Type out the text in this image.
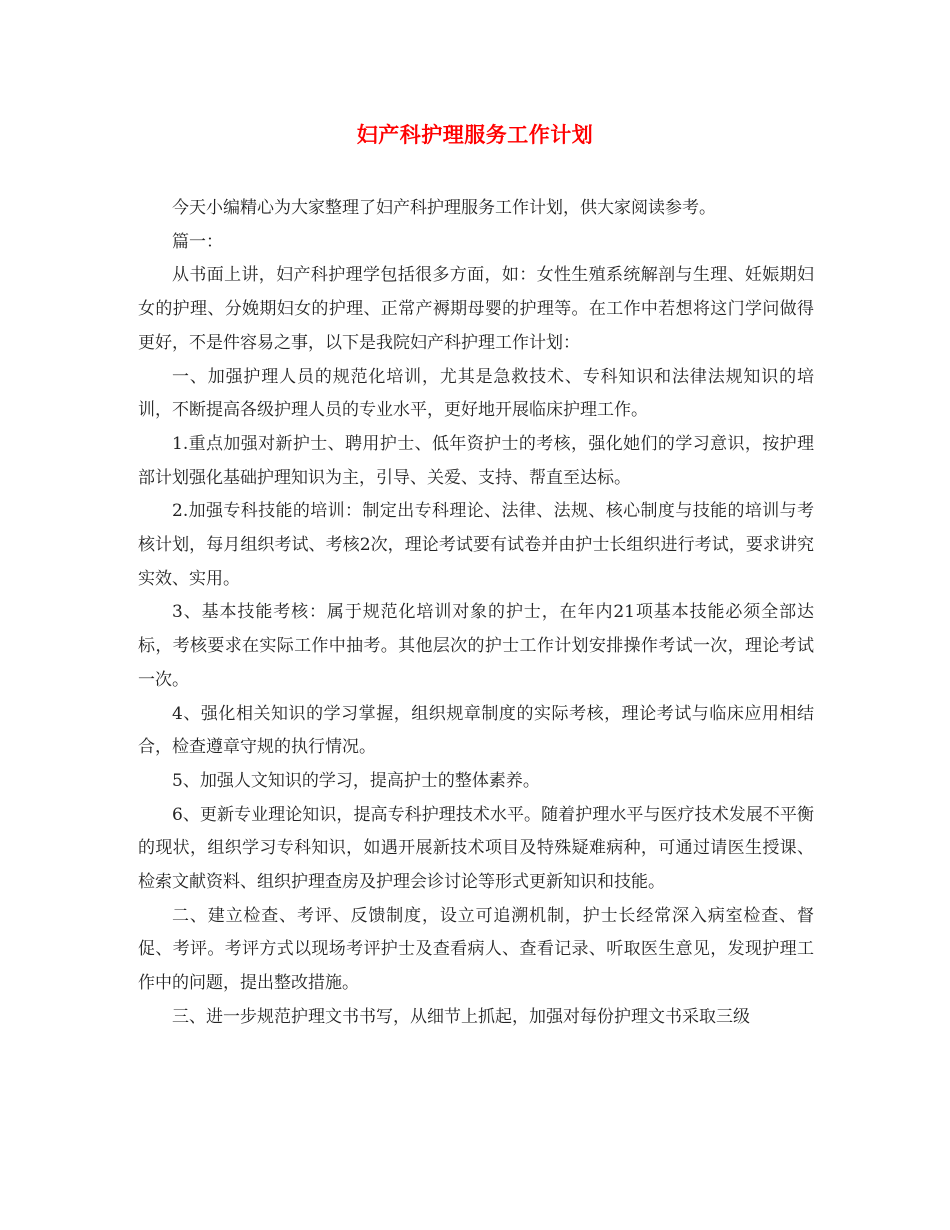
妇产科护理服务工作计划

今天小编精心为大家整理了妇产科护理服务工作计划，供大家阅读参考。

篇一：

从书面上讲，妇产科护理学包括很多方面，如：女性生殖系统解剖与生理、妊娠期妇女的护理、分娩期妇女的护理、正常产褥期母婴的护理等。在工作中若想将这门学问做得更好，不是件容易之事，以下是我院妇产科护理工作计划：

一、加强护理人员的规范化培训，尤其是急救技术、专科知识和法律法规知识的培训，不断提高各级护理人员的专业水平，更好地开展临床护理工作。

1.重点加强对新护士、聘用护士、低年资护士的考核，强化她们的学习意识，按护理部计划强化基础护理知识为主，引导、关爱、支持、帮直至达标。

2.加强专科技能的培训：制定出专科理论、法律、法规、核心制度与技能的培训与考核计划，每月组织考试、考核2次，理论考试要有试卷并由护士长组织进行考试，要求讲究实效、实用。

3、基本技能考核：属于规范化培训对象的护士，在年内21项基本技能必须全部达标，考核要求在实际工作中抽考。其他层次的护士工作计划安排操作考试一次，理论考试一次。

4、强化相关知识的学习掌握，组织规章制度的实际考核，理论考试与临床应用相结合，检查遵章守规的执行情况。

5、加强人文知识的学习，提高护士的整体素养。

6、更新专业理论知识，提高专科护理技术水平。随着护理水平与医疗技术发展不平衡的现状，组织学习专科知识，如遇开展新技术项目及特殊疑难病种，可通过请医生授课、检索文献资料、组织护理查房及护理会诊讨论等形式更新知识和技能。

二、建立检查、考评、反馈制度，设立可追溯机制，护士长经常深入病室检查、督促、考评。考评方式以现场考评护士及查看病人、查看记录、听取医生意见，发现护理工作中的问题，提出整改措施。

三、进一步规范护理文书书写，从细节上抓起，加强对每份护理文书采取三级
